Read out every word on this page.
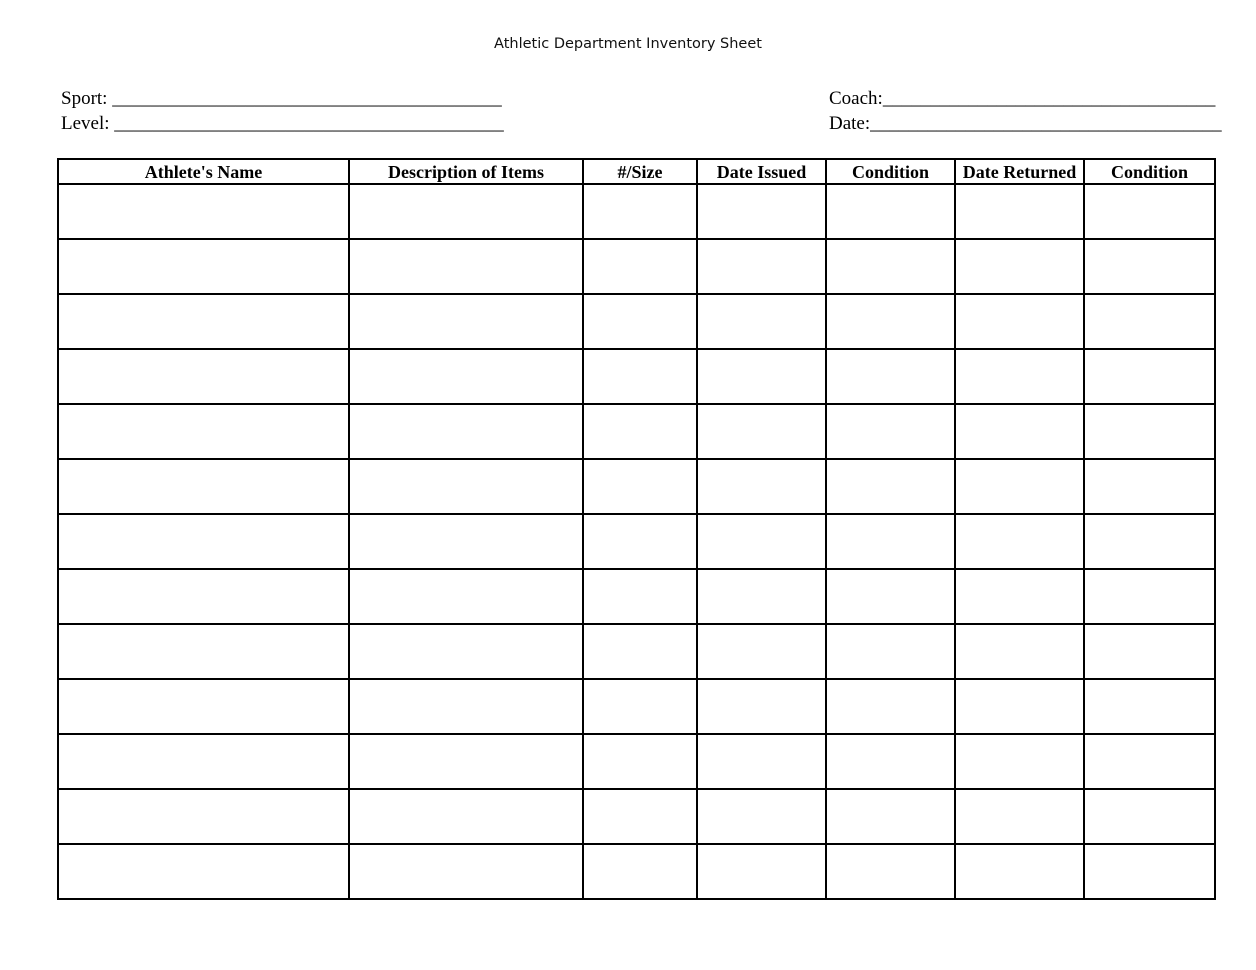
Athletic Department Inventory Sheet
Sport: _________________________________________
Level: _________________________________________
Coach:___________________________________
Date:_____________________________________
Athlete's Name	Description of Items	#/Size	Date Issued	Condition	Date Returned	Condition
